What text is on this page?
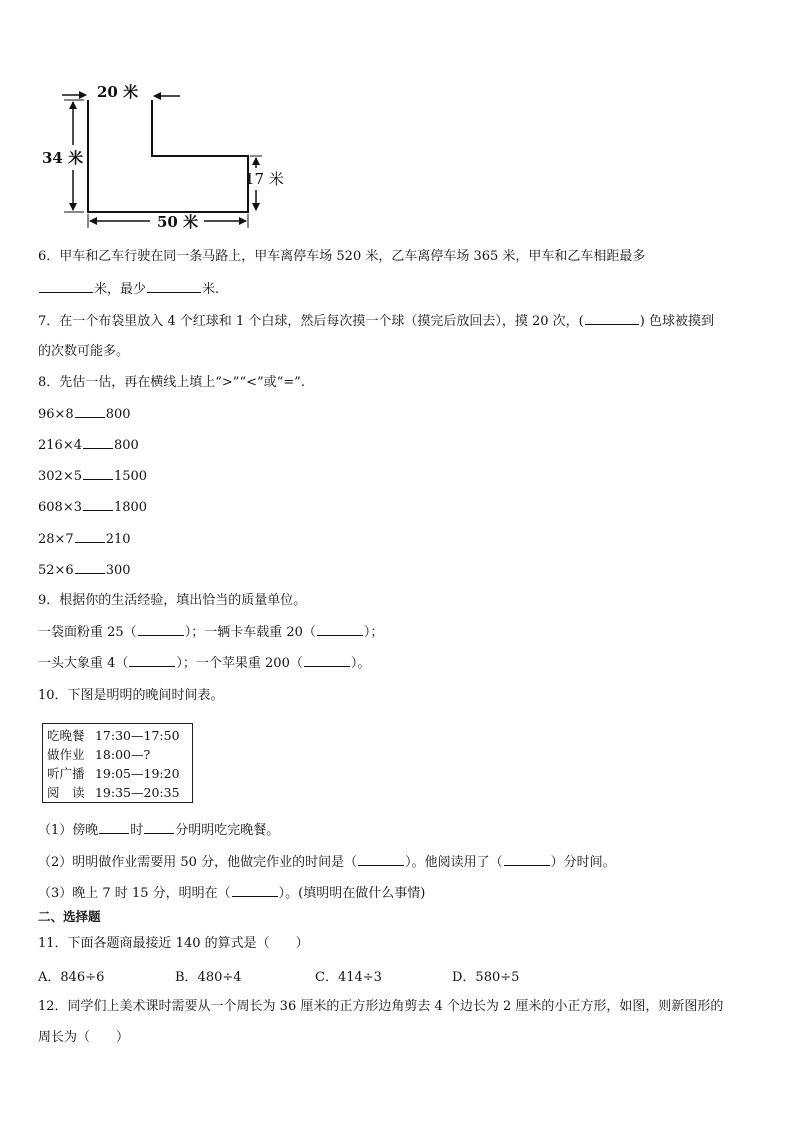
20 米
34 米
17 米
50 米
6．甲车和乙车行驶在同一条马路上，甲车离停车场 520 米，乙车离停车场 365 米，甲车和乙车相距最多
米，最少	米.
7．在一个布袋里放入 4 个红球和 1 个白球，然后每次摸一个球（摸完后放回去），摸 20 次，(	) 色球被摸到
的次数可能多。
8．先估一估，再在横线上填上“>”“<”或“=”.
96×8 800
216×4 800
302×5 1500
608×3 1800
28×7 210
52×6 300
9．根据你的生活经验，填出恰当的质量单位。
一袋面粉重 25（	）；一辆卡车载重 20（	）；
一头大象重 4（	）；一个苹果重 200（	）。
10．下图是明明的晚间时间表。
吃晚餐 17:30—17:50
做作业 18:00—?
听广播 19:05—19:20
阅　读 19:35—20:35
（1）傍晚 时 分明明吃完晚餐。
（2）明明做作业需要用 50 分，他做完作业的时间是（	）。他阅读用了（	）分时间。
（3）晚上 7 时 15 分，明明在（	）。(填明明在做什么事情)
二、选择题
11．下面各题商最接近 140 的算式是（　　）
A．846÷6	B．480÷4	C．414÷3	D．580÷5
12．同学们上美术课时需要从一个周长为 36 厘米的正方形边角剪去 4 个边长为 2 厘米的小正方形，如图，则新图形的
周长为（　　）
